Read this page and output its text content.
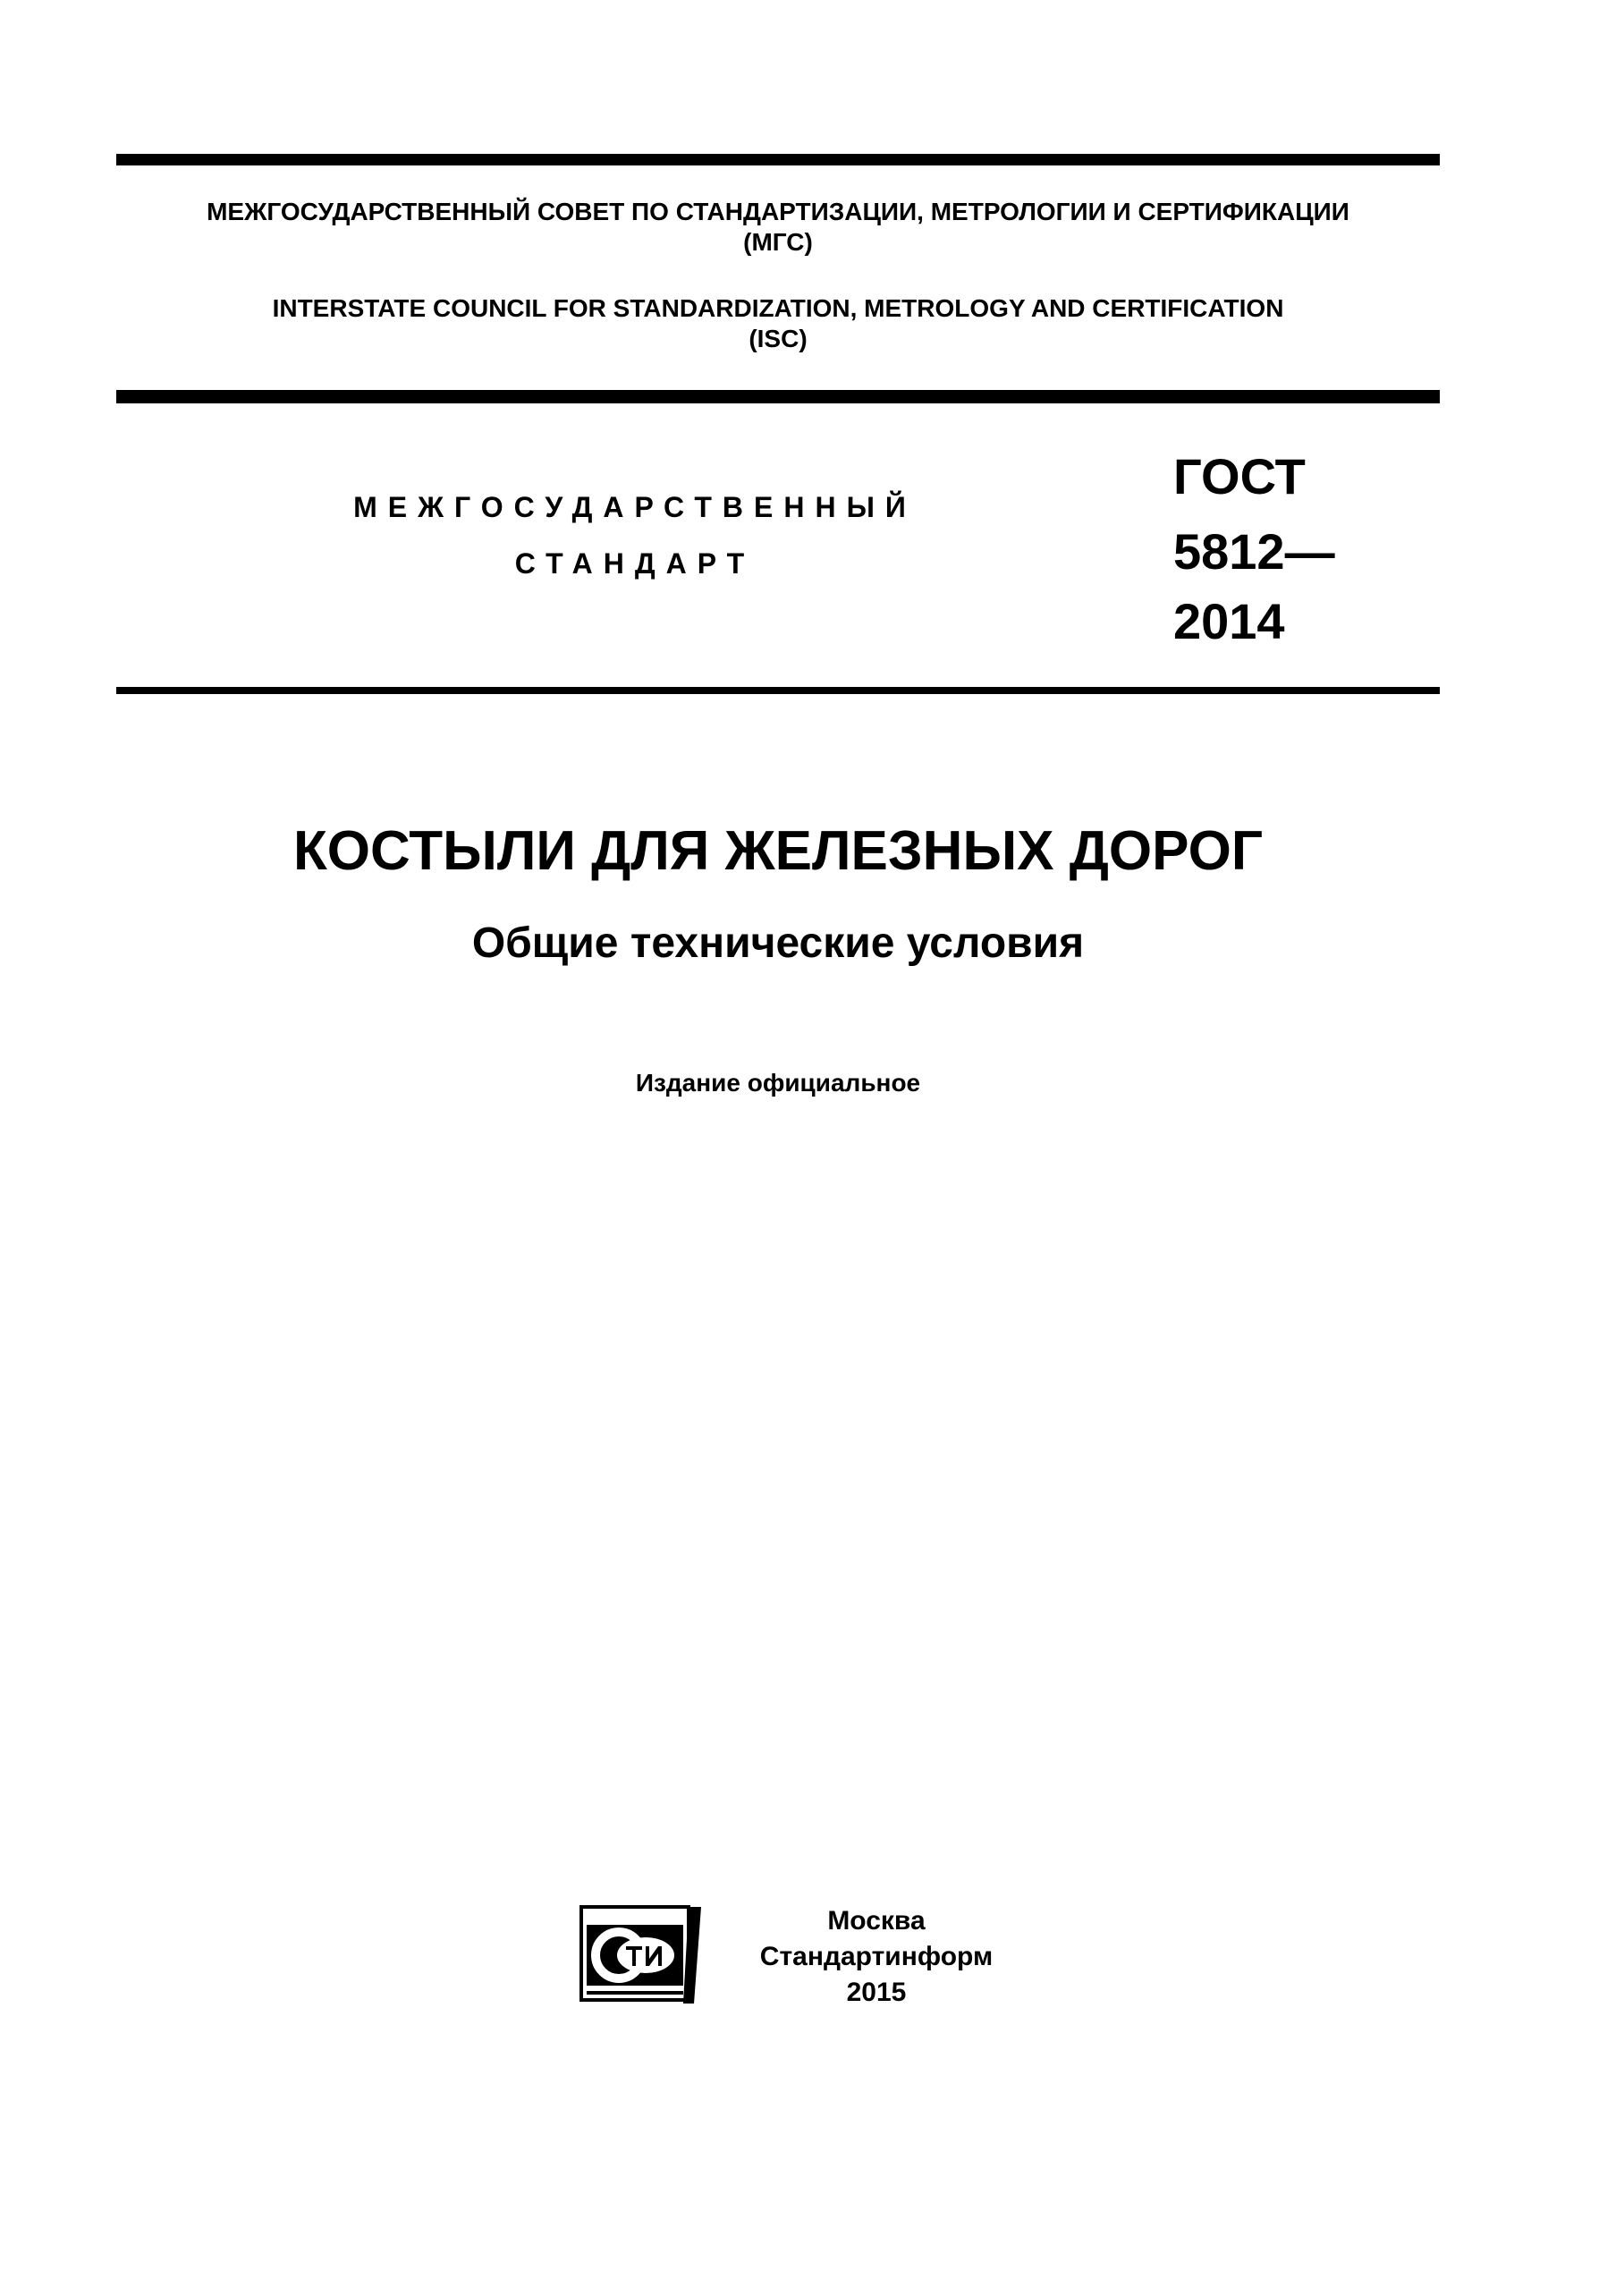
МЕЖГОСУДАРСТВЕННЫЙ СОВЕТ ПО СТАНДАРТИЗАЦИИ, МЕТРОЛОГИИ И СЕРТИФИКАЦИИ
(МГС)
INTERSTATE COUNCIL FOR STANDARDIZATION, METROLOGY AND CERTIFICATION
(ISC)
МЕЖГОСУДАРСТВЕННЫЙ
СТАНДАРТ
ГОСТ
5812—
2014
КОСТЫЛИ ДЛЯ ЖЕЛЕЗНЫХ ДОРОГ
Общие технические условия
Издание официальное
Москва
Стандартинформ
2015
